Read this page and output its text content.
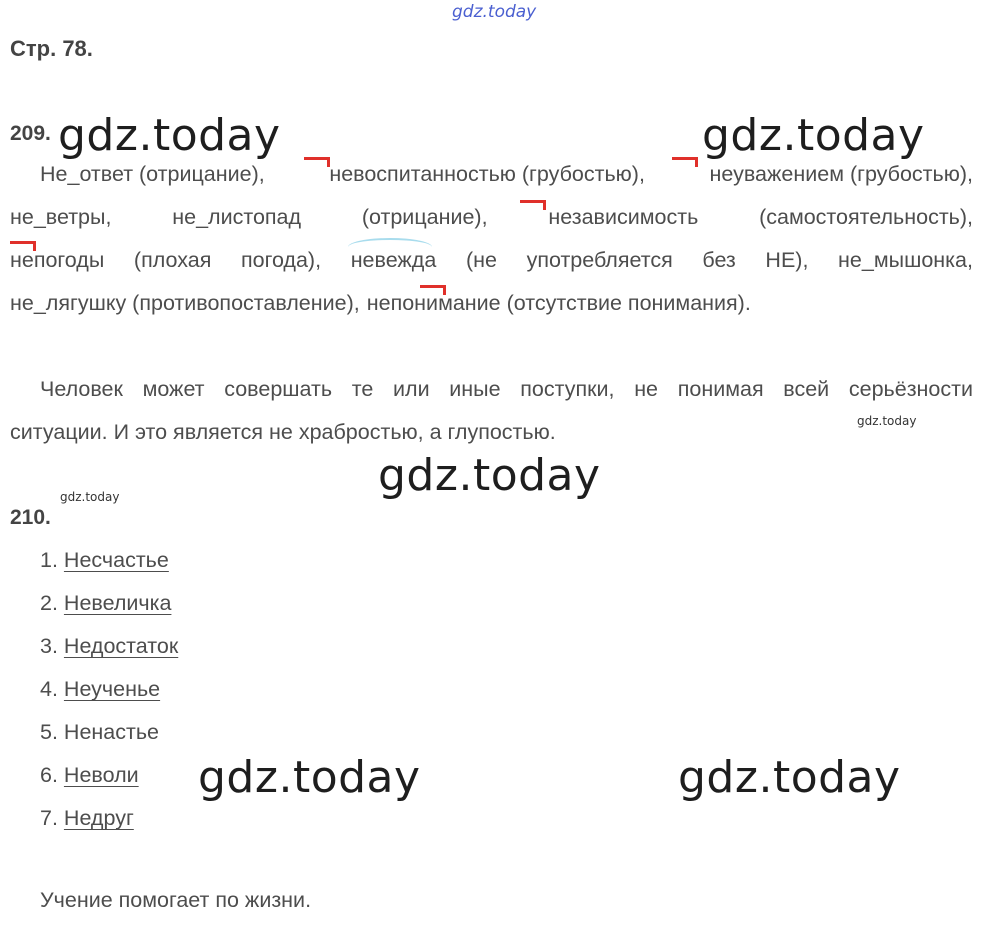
gdz.today
Стр. 78.
209. gdz.today	gdz.today
Не_ответ (отрицание),	невоспитанностью (грубостью),	неуважением (грубостью),
не_ветры,	не_листопад	(отрицание),	независимость	(самостоятельность),
непогоды (плохая погода), невежда (не употребляется без НЕ), не_мышонка,
не_лягушку (противопоставление), непонимание (отсутствие понимания).
Человек может совершать те или иные поступки, не понимая всей серьёзности
ситуации. И это является не храбростью, а глупостью.	gdz.today
gdz.today
gdz.today
210.
1. Несчастье
2. Невеличка
3. Недостаток
4. Неученье
5. Ненастье
6. Неволи
7. Недруг
gdz.today	gdz.today
Учение помогает по жизни.
